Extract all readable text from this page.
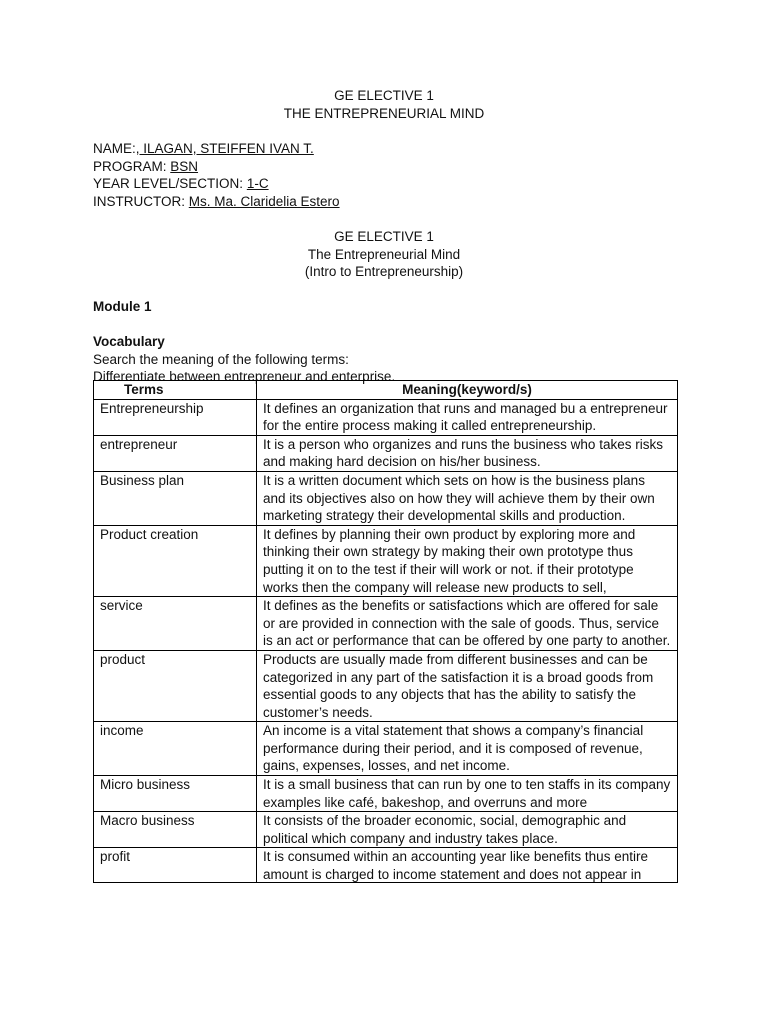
GE ELECTIVE 1
THE ENTREPRENEURIAL MIND
NAME:, ILAGAN, STEIFFEN IVAN T.
PROGRAM: BSN
YEAR LEVEL/SECTION: 1-C
INSTRUCTOR: Ms. Ma. Claridelia Estero
GE ELECTIVE 1
The Entrepreneurial Mind
(Intro to Entrepreneurship)
Module 1
Vocabulary
Search the meaning of the following terms:
Differentiate between entrepreneur and enterprise.
Terms	Meaning(keyword/s)
Entrepreneurship	It defines an organization that runs and managed bu a entrepreneur for the entire process making it called entrepreneurship.
entrepreneur	It is a person who organizes and runs the business who takes risks and making hard decision on his/her business.
Business plan	It is a written document which sets on how is the business plans and its objectives also on how they will achieve them by their own marketing strategy their developmental skills and production.
Product creation	It defines by planning their own product by exploring more and thinking their own strategy by making their own prototype thus putting it on to the test if their will work or not. if their prototype works then the company will release new products to sell,
service	It defines as the benefits or satisfactions which are offered for sale or are provided in connection with the sale of goods. Thus, service is an act or performance that can be offered by one party to another.
product	Products are usually made from different businesses and can be categorized in any part of the satisfaction it is a broad goods from essential goods to any objects that has the ability to satisfy the customer’s needs.
income	An income is a vital statement that shows a company’s financial performance during their period, and it is composed of revenue, gains, expenses, losses, and net income.
Micro business	It is a small business that can run by one to ten staffs in its company examples like café, bakeshop, and overruns and more
Macro business	It consists of the broader economic, social, demographic and political which company and industry takes place.
profit	It is consumed within an accounting year like benefits thus entire amount is charged to income statement and does not appear in
